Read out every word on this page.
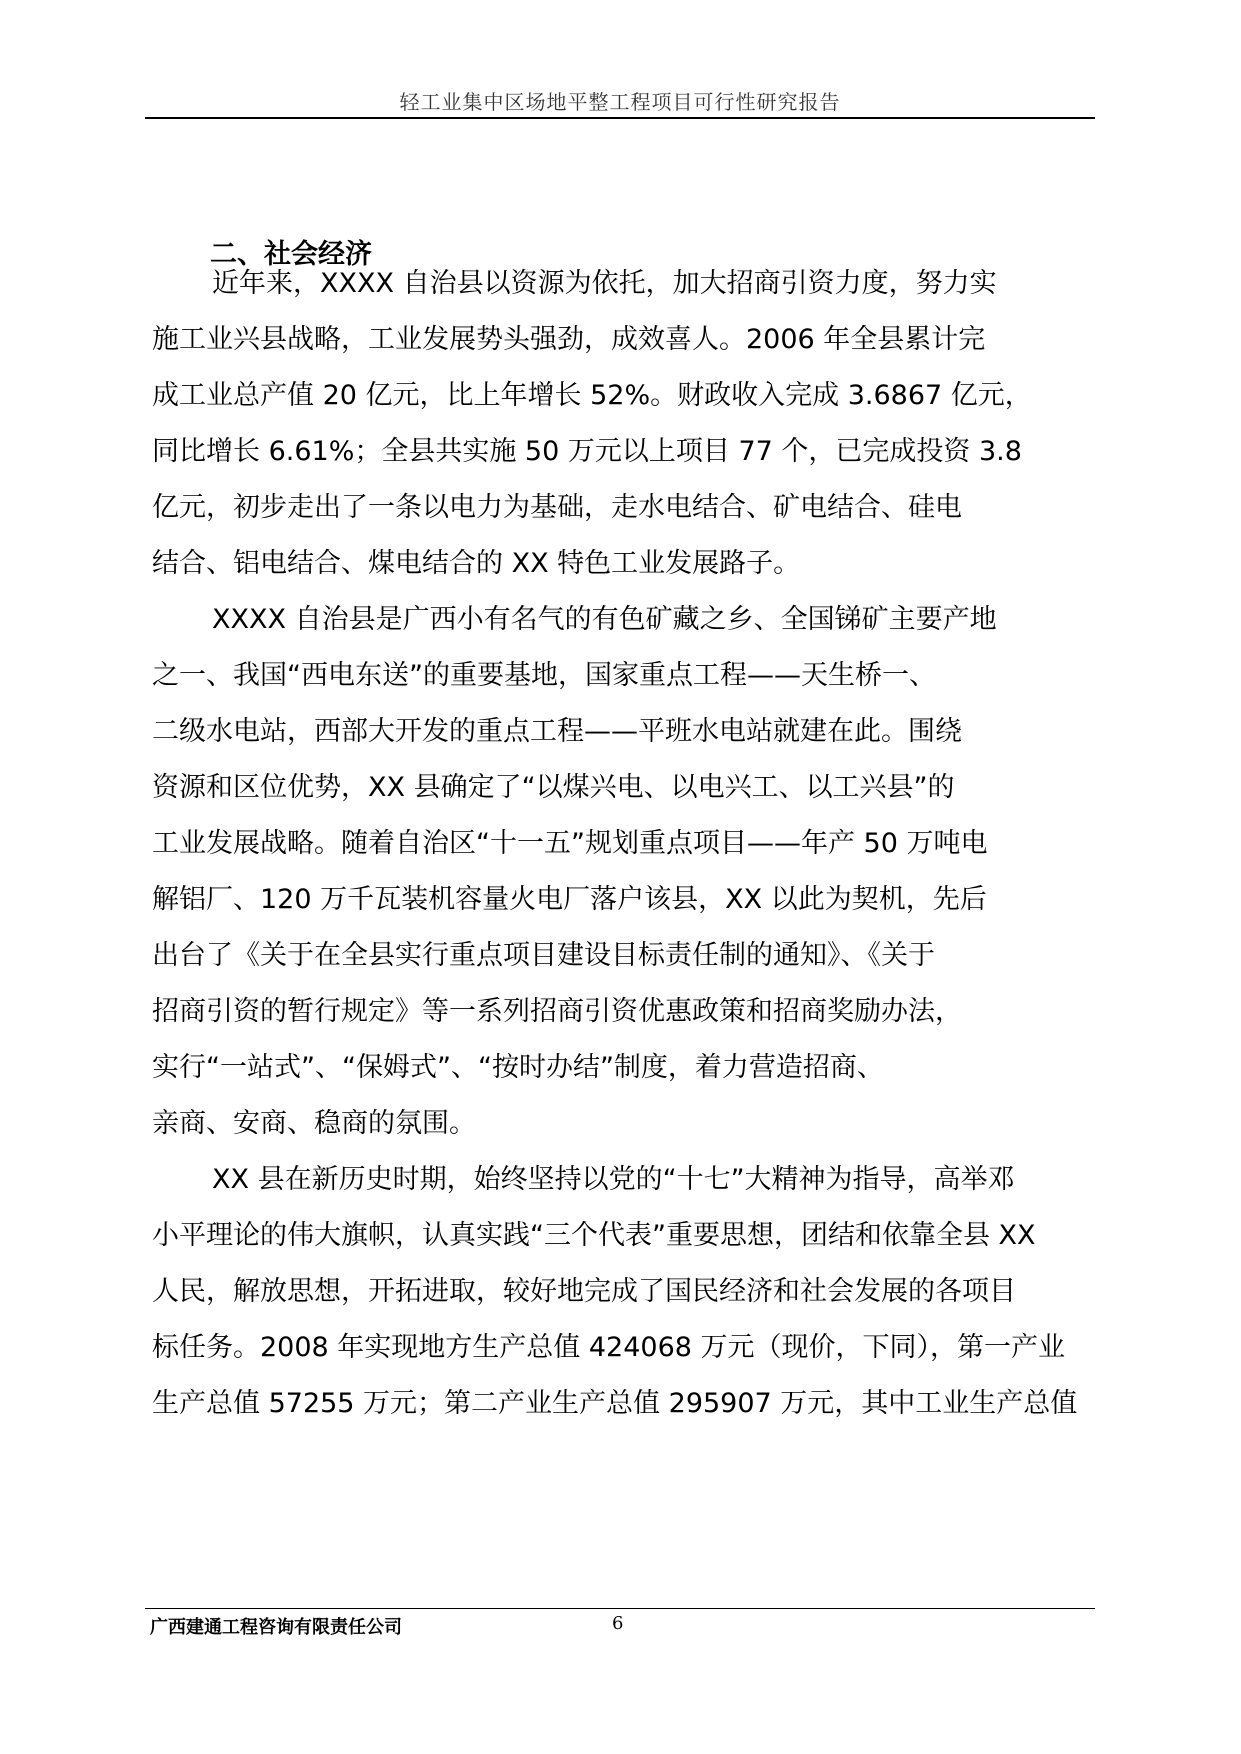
轻工业集中区场地平整工程项目可行性研究报告
二、社会经济
近年来，XXXX 自治县以资源为依托，加大招商引资力度，努力实
施工业兴县战略，工业发展势头强劲，成效喜人。2006 年全县累计完
成工业总产值 20 亿元，比上年增长 52%。财政收入完成 3.6867 亿元，
同比增长 6.61%；全县共实施 50 万元以上项目 77 个，已完成投资 3.8
亿元，初步走出了一条以电力为基础，走水电结合、矿电结合、硅电
结合、铝电结合、煤电结合的 XX 特色工业发展路子。
XXXX 自治县是广西小有名气的有色矿藏之乡、全国锑矿主要产地
之一、我国“西电东送”的重要基地，国家重点工程——天生桥一、
二级水电站，西部大开发的重点工程——平班水电站就建在此。围绕
资源和区位优势，XX 县确定了“以煤兴电、以电兴工、以工兴县”的
工业发展战略。随着自治区“十一五”规划重点项目——年产 50 万吨电
解铝厂、120 万千瓦装机容量火电厂落户该县，XX 以此为契机，先后
出台了《关于在全县实行重点项目建设目标责任制的通知》、《关于
招商引资的暂行规定》等一系列招商引资优惠政策和招商奖励办法，
实行“一站式”、“保姆式”、“按时办结”制度，着力营造招商、
亲商、安商、稳商的氛围。
XX 县在新历史时期，始终坚持以党的“十七”大精神为指导，高举邓
小平理论的伟大旗帜，认真实践“三个代表”重要思想，团结和依靠全县 XX
人民，解放思想，开拓进取，较好地完成了国民经济和社会发展的各项目
标任务。2008 年实现地方生产总值 424068 万元（现价，下同），第一产业
生产总值 57255 万元；第二产业生产总值 295907 万元，其中工业生产总值
广西建通工程咨询有限责任公司	6
